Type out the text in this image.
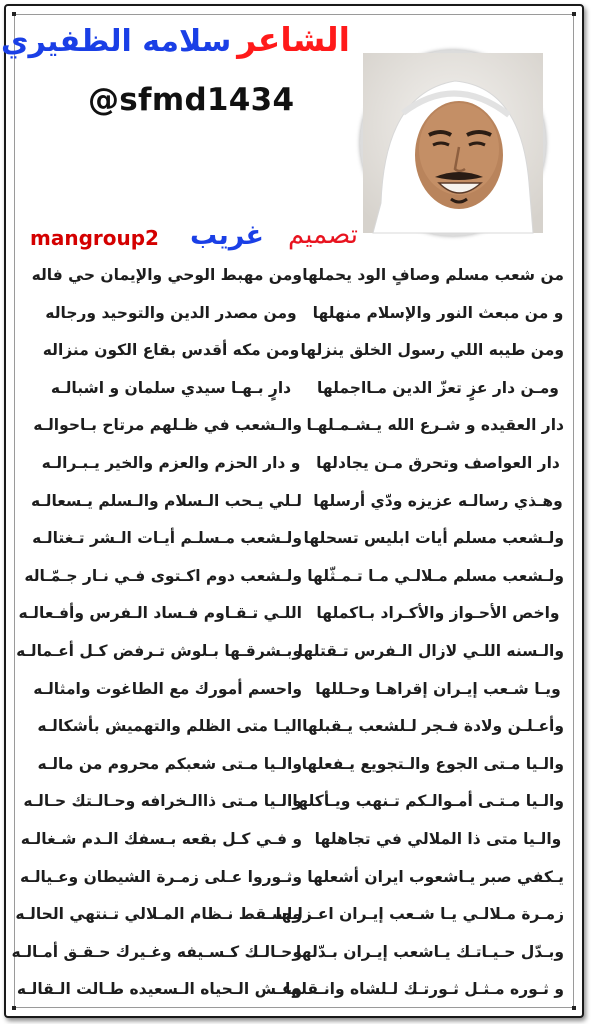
الشاعرسلامه الظفيري
@sfmd1434
mangroup2 غريب تصميم
من شعب مسلم وصافٍ الود يحملها
ومن مهبط الوحي والإيمان حي فاله
و من مبعث النور والإسلام منهلها
ومن مصدر الدين والتوحيد ورجاله
ومن طيبه اللي رسول الخلق ينزلها
ومن مكه أقدس بقاع الكون منزاله
ومـن دار عزٍ تعزّ الدين مـااجملها
دارٍ بـهـا سيدي سلمان و اشبالـه
دار العقيده و شـرع الله يـشـمـلهـا
والـشعب في ظـلهم مرتاح بـاحوالـه
دار العواصف وتحرق مـن يجادلها
و دار الحزم والعزم والخير يـبـرالـه
وهـذي رسالـه عزيزه ودّي أرسلها
لـلي يـحب الـسلام والـسلم يـسعالـه
ولـشعب مسلم أيات ابليس تسحلها
ولـشعب مـسلـم أيـات الـشر تـغتالـه
ولـشعب مسلم مـلالـي مـا تـمـثّلها
ولـشعب دوم اكـتوى فـي نـار جـمّـاله
واخص الأحـواز والأكـراد بـاكملها
اللـي تـقـاوم فـساد الـفرس وأفـعالـه
والـسنه اللـي لازال الـفرس تـقتلها
وبـشرقـها بـلوش تـرفض كـل أعـمالـه
ويـا شـعب إيـران إقراهـا وحـللها
واحسم أمورك مع الطاغوت وامثالـه
وأعـلـن ولادة فـجر لـلشعب يـقبلها
اليـا متى الظلم والتهميش بأشكالـه
والـيا مـتى الجوع والـتجويع يـفعلها
والـيا مـتى شعبكم محروم من مالـه
والـيا مـتـى أمـوالـكم تـنهب ويـأكلها
والـيا مـتى ذاالـخرافه وحـالـتك حـالـه
والـيا متى ذا الملالي في تجاهلها
و فـي كـل بقعه بـسفك الـدم شـغالـه
يـكفي صبر يـاشعوب ايران أشعلها
وثـوروا عـلى زمـرة الشيطان وعـيالـه
زمـرة مـلالـي يـا شـعب إيـران اعـزلـها
واسـقط نـظام المـلالي تـنتهي الحالـه
وبـدّل حـيـاتـك يـاشعب إيـران بـدّلها
وحـالـك كـسـيفه وغـيرك حـقـق أمـالـه
و ثـوره مـثـل ثـورتـك لـلشاه وانـقلها
وعـش الـحياه الـسعيده طـالت الـقالـه
